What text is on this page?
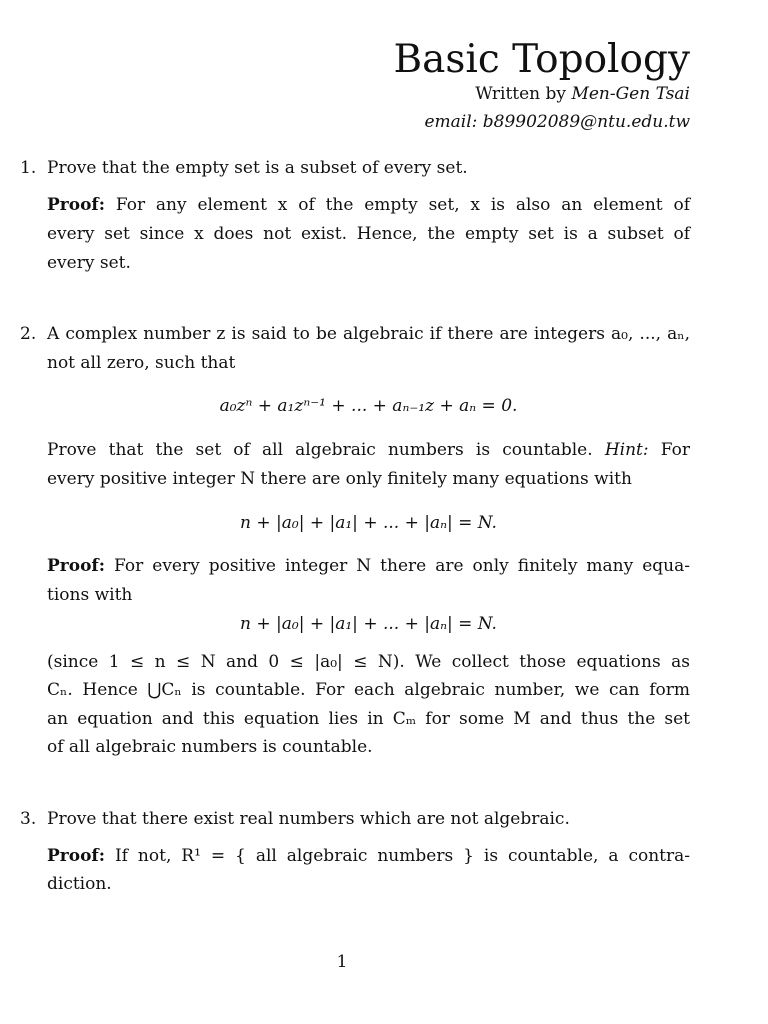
Basic Topology
Written by Men-Gen Tsai
email: b89902089@ntu.edu.tw
1. Prove that the empty set is a subset of every set.
Proof: For any element x of the empty set, x is also an element of
every set since x does not exist. Hence, the empty set is a subset of
every set.
2. A complex number z is said to be algebraic if there are integers a₀, ..., aₙ,
not all zero, such that
a₀zⁿ + a₁zⁿ⁻¹ + ... + aₙ₋₁z + aₙ = 0.
Prove that the set of all algebraic numbers is countable. Hint: For
every positive integer N there are only finitely many equations with
n + |a₀| + |a₁| + ... + |aₙ| = N.
Proof: For every positive integer N there are only finitely many equa-
tions with
n + |a₀| + |a₁| + ... + |aₙ| = N.
(since 1 ≤ n ≤ N and 0 ≤ |a₀| ≤ N). We collect those equations as
Cₙ. Hence ⋃Cₙ is countable. For each algebraic number, we can form
an equation and this equation lies in Cₘ for some M and thus the set
of all algebraic numbers is countable.
3. Prove that there exist real numbers which are not algebraic.
Proof: If not, R¹ = { all algebraic numbers } is countable, a contra-
diction.
1
